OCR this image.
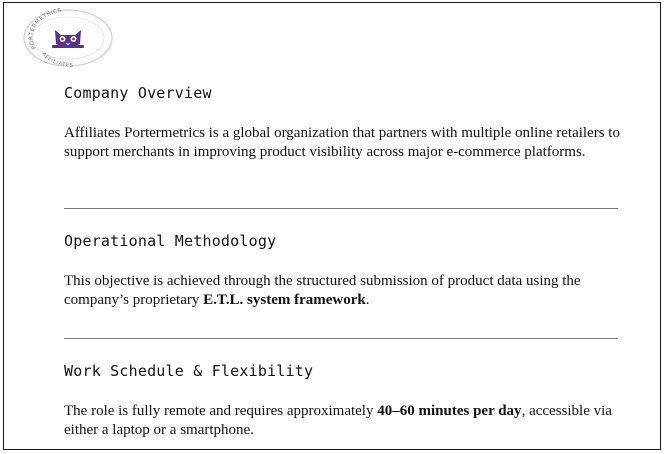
PORTERMETRICS
AFFILIATES
Company Overview
Affiliates Portermetrics is a global organization that partners with multiple online retailers to support merchants in improving product visibility across major e-commerce platforms.
Operational Methodology
This objective is achieved through the structured submission of product data using the company’s proprietary E.T.L. system framework.
Work Schedule & Flexibility
The role is fully remote and requires approximately 40–60 minutes per day, accessible via either a laptop or a smartphone.
